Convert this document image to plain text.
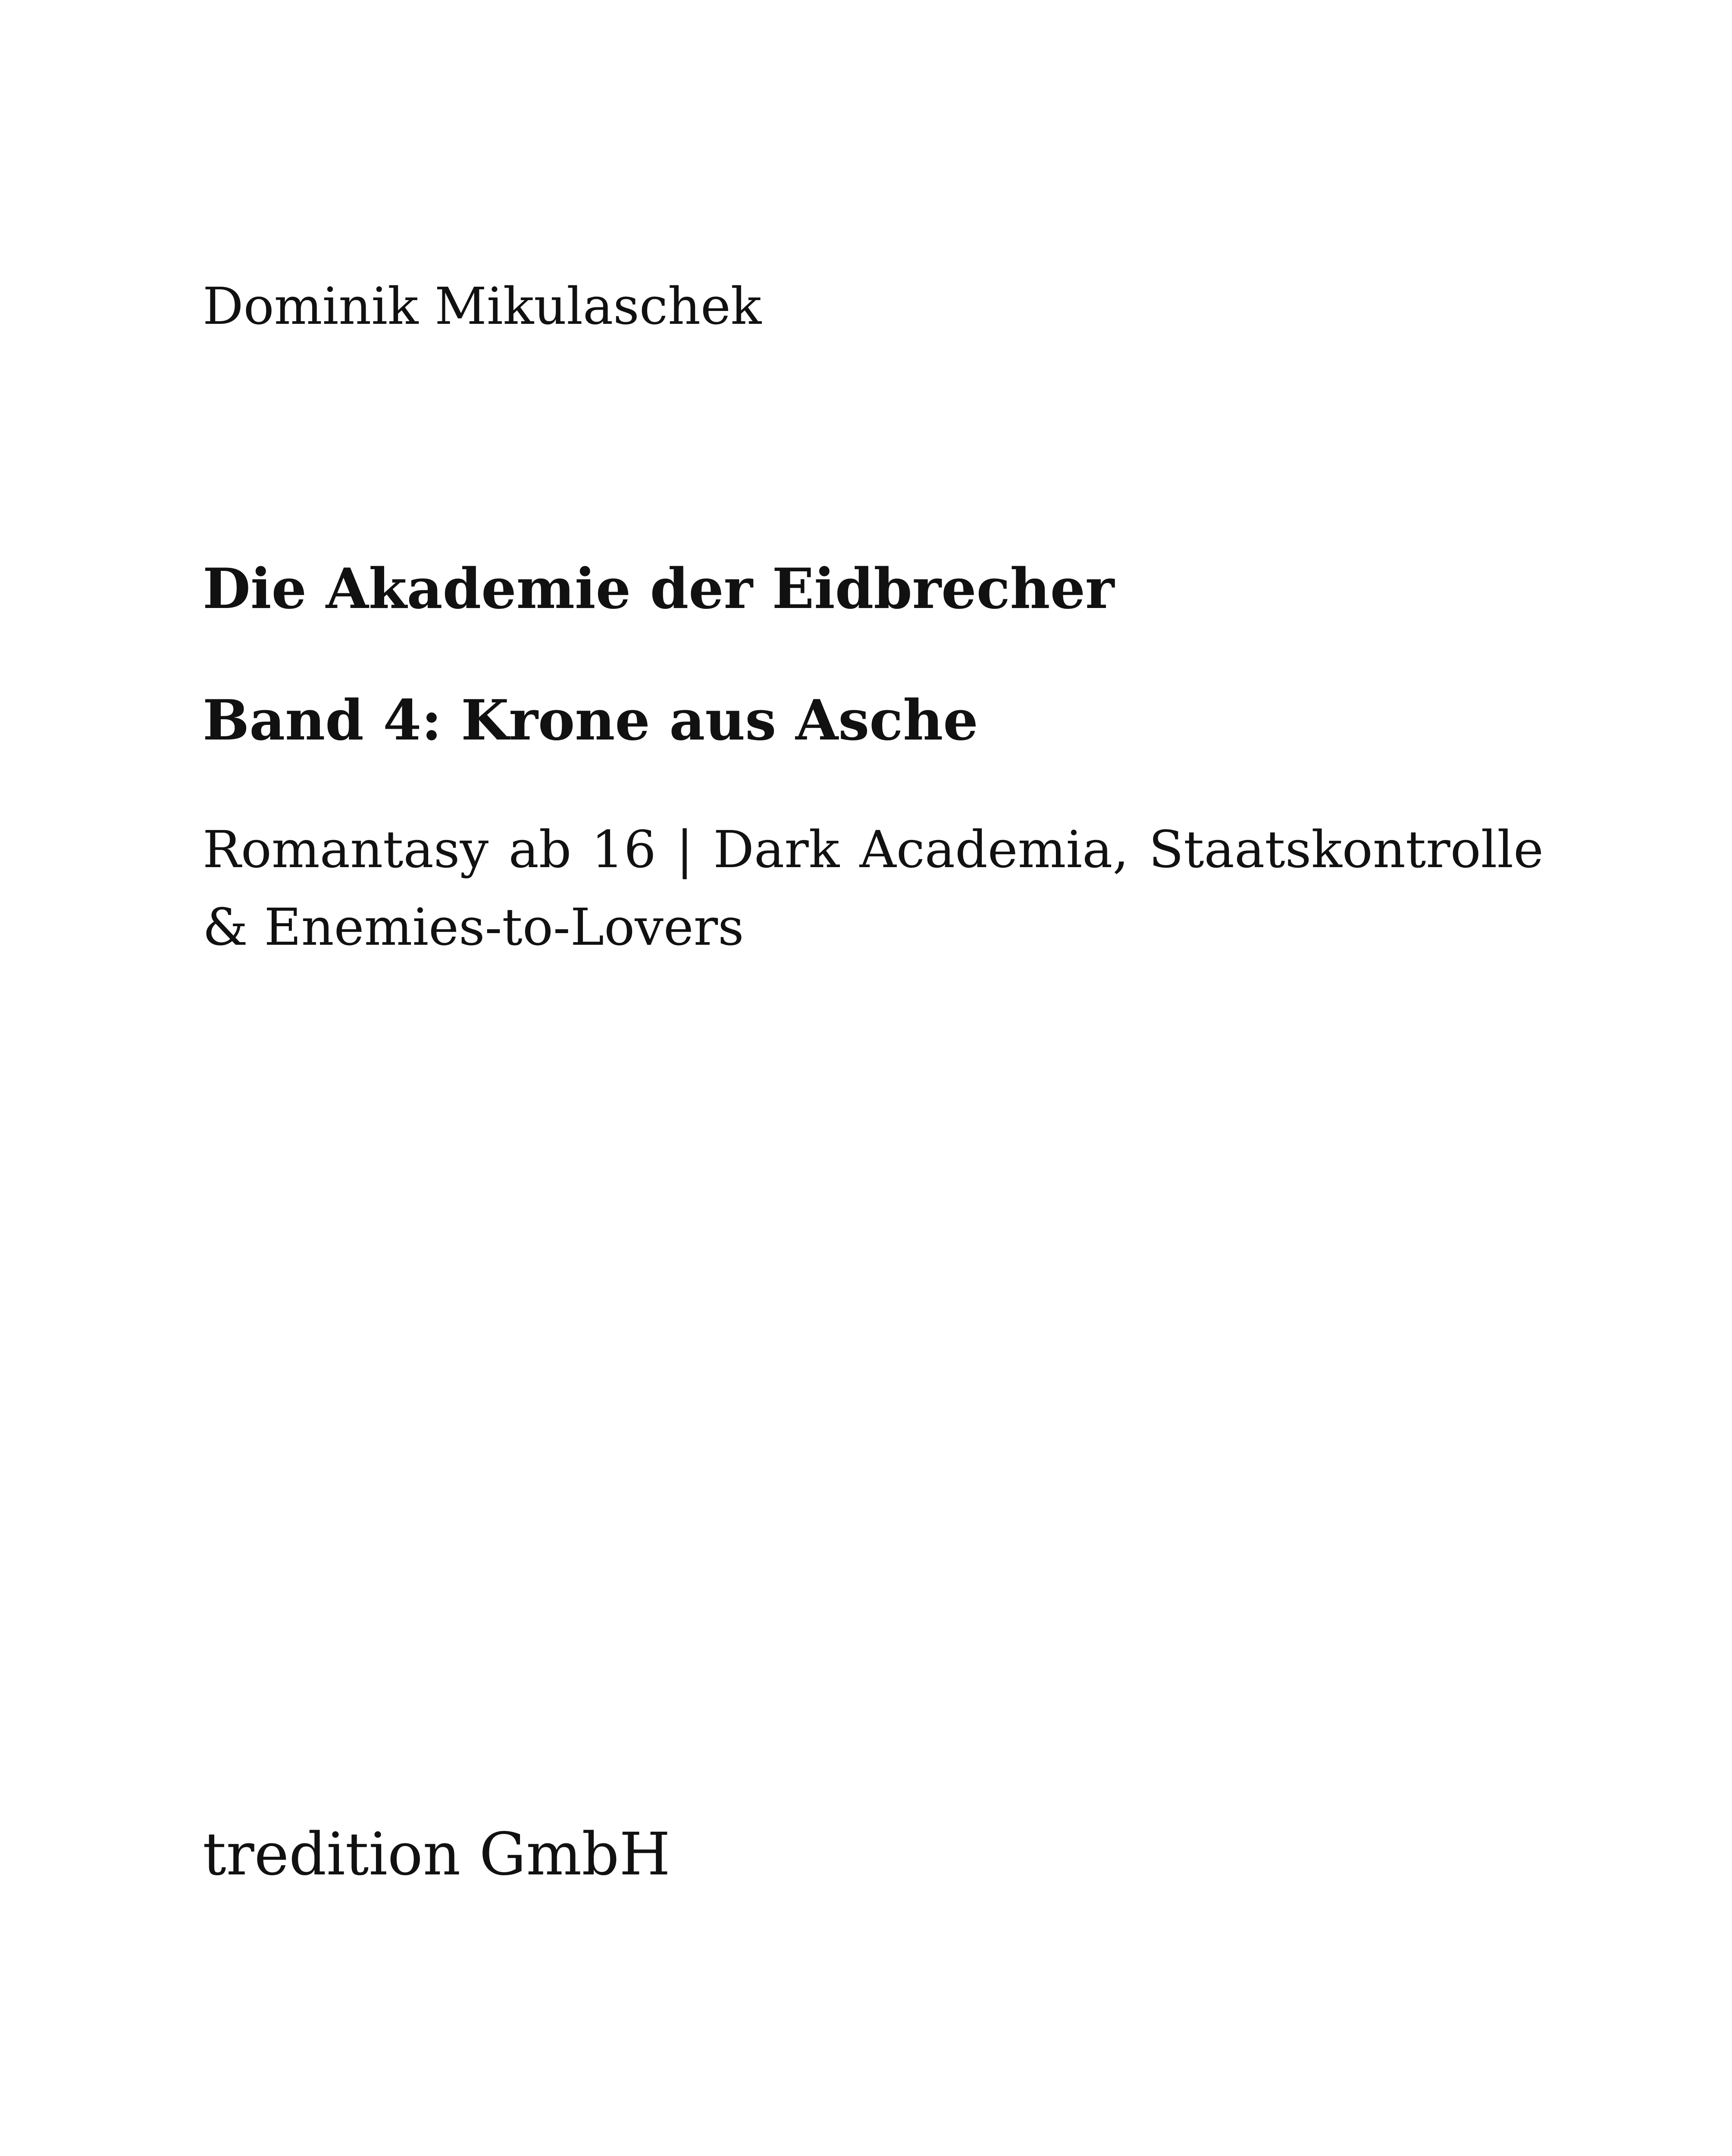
Dominik Mikulaschek
Die Akademie der Eidbrecher
Band 4: Krone aus Asche

Romantasy ab 16 | Dark Academia, Staatskontrolle & Enemies-to-Lovers

tredition GmbH
